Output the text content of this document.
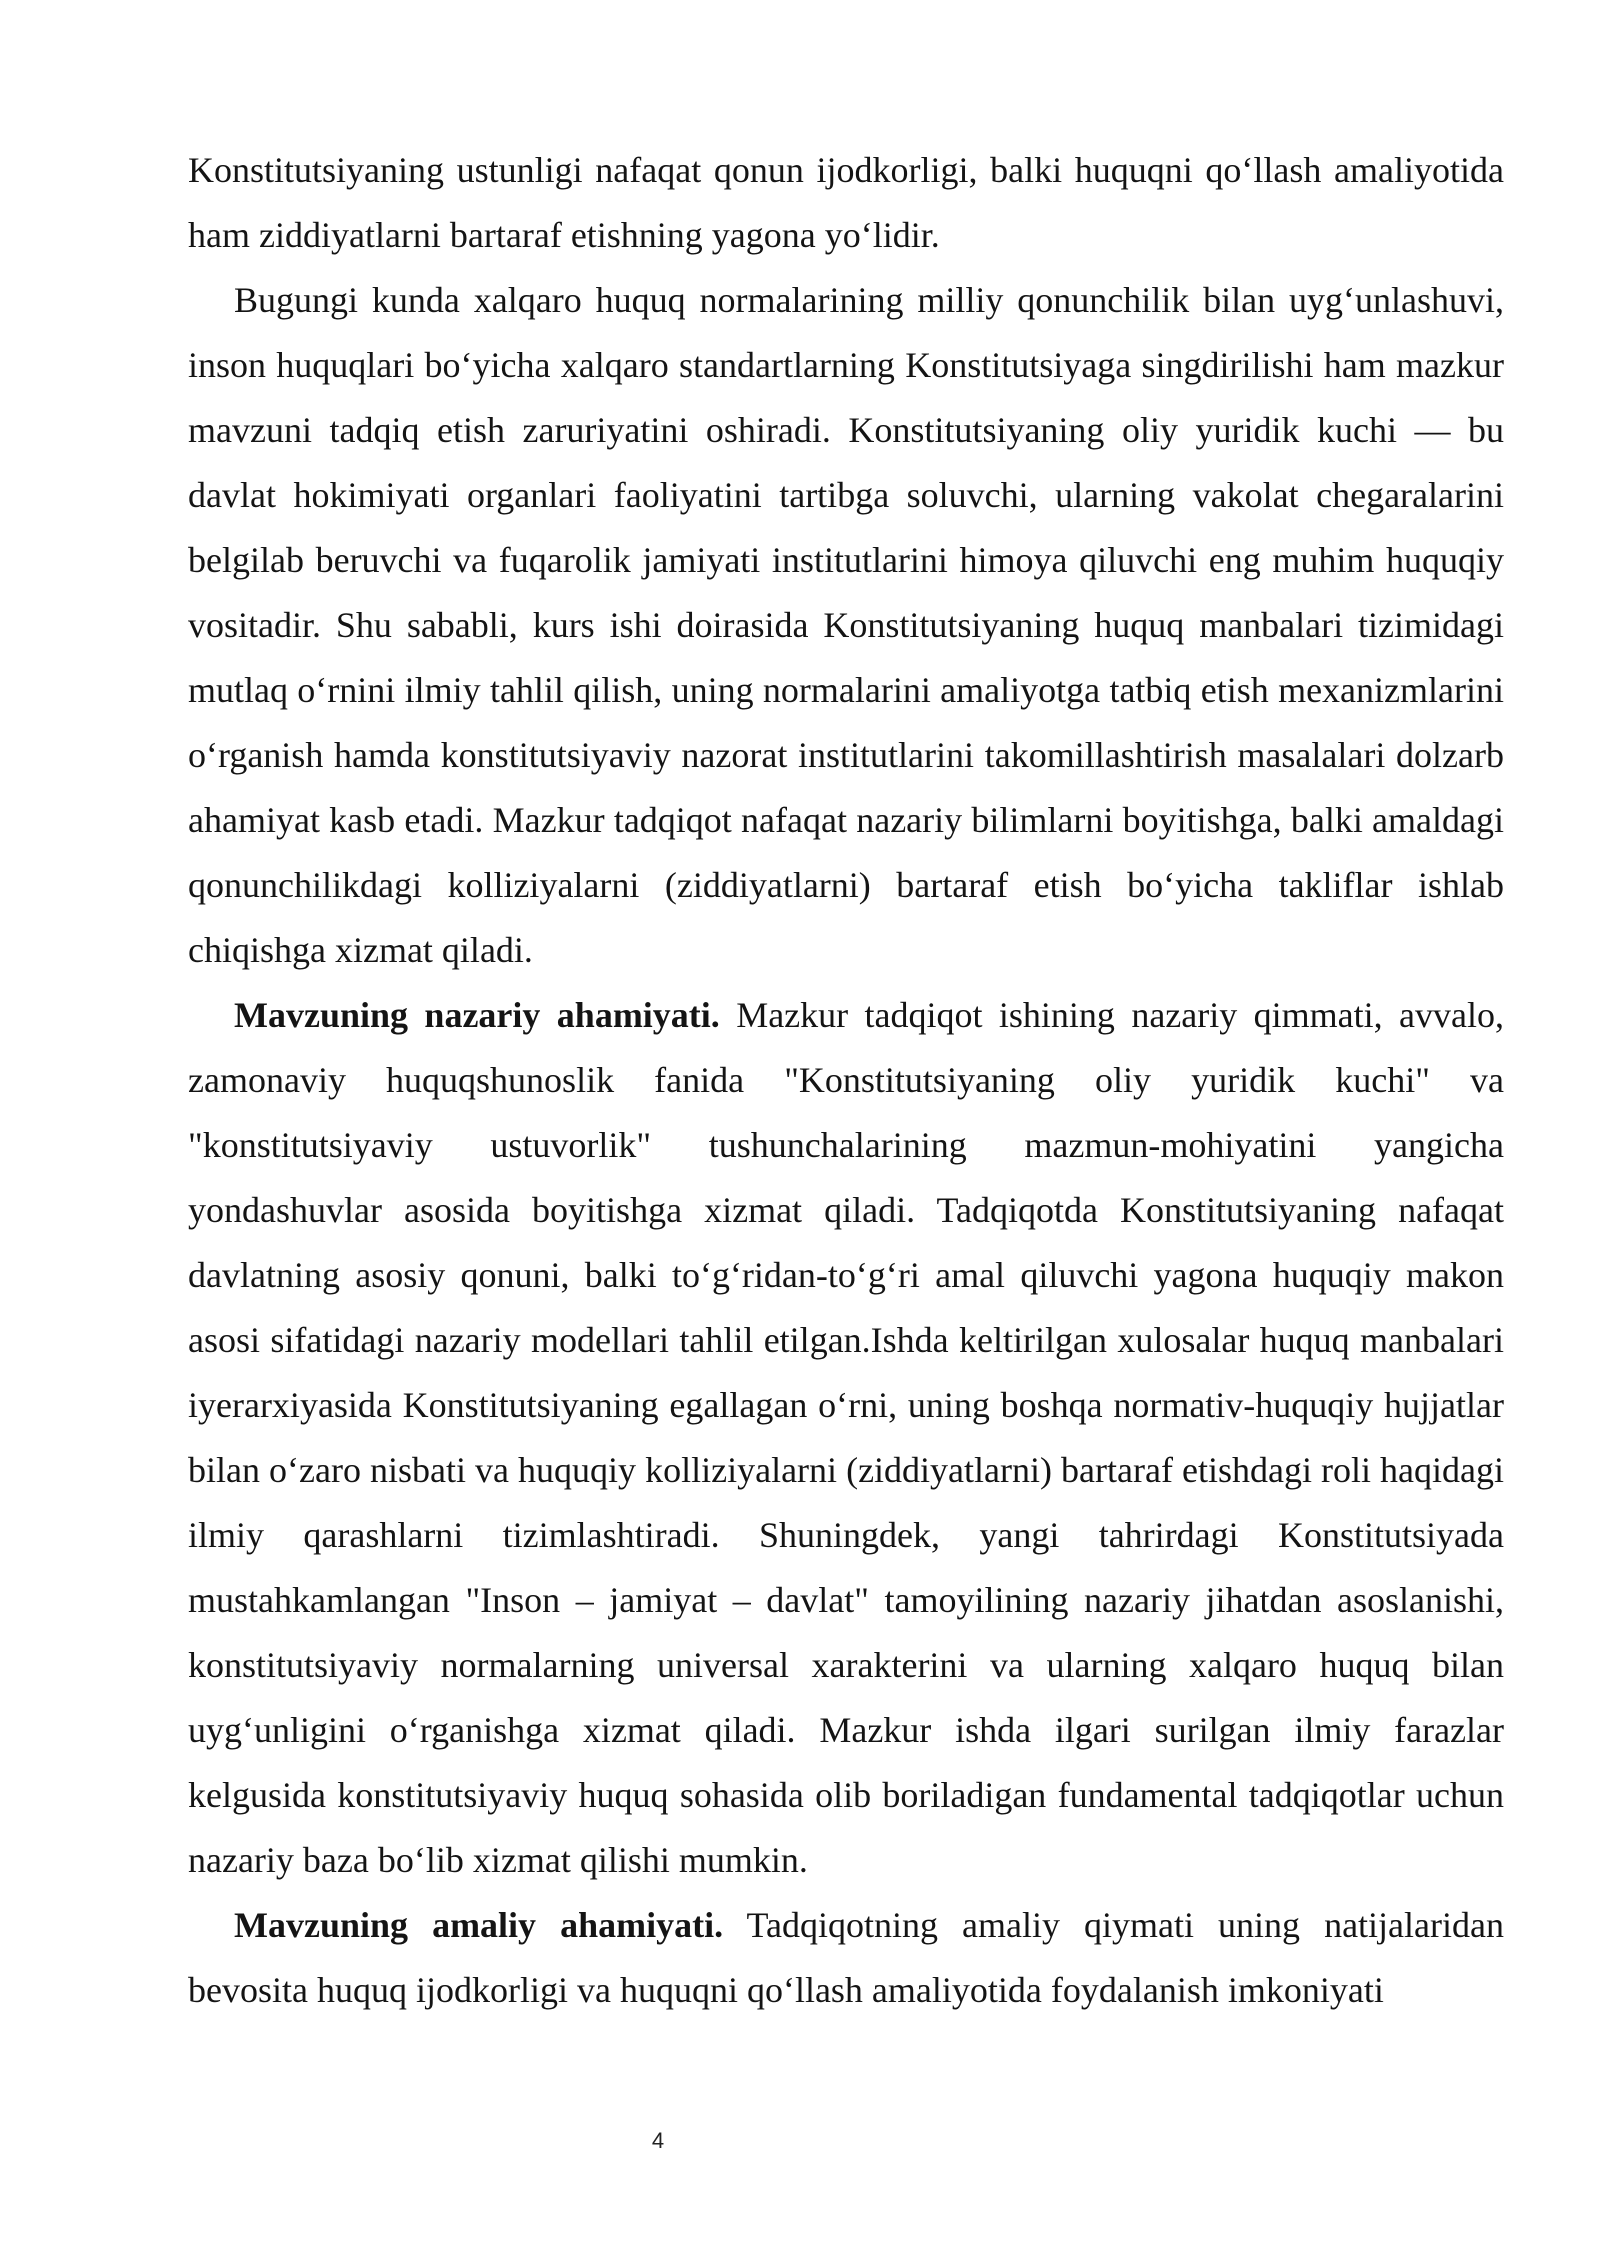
Konstitutsiyaning ustunligi nafaqat qonun ijodkorligi, balki huquqni qo‘llash amaliyotida ham ziddiyatlarni bartaraf etishning yagona yo‘lidir.

Bugungi kunda xalqaro huquq normalarining milliy qonunchilik bilan uyg‘unlashuvi, inson huquqlari bo‘yicha xalqaro standartlarning Konstitutsiyaga singdirilishi ham mazkur mavzuni tadqiq etish zaruriyatini oshiradi. Konstitutsiyaning oliy yuridik kuchi — bu davlat hokimiyati organlari faoliyatini tartibga soluvchi, ularning vakolat chegaralarini belgilab beruvchi va fuqarolik jamiyati institutlarini himoya qiluvchi eng muhim huquqiy vositadir. Shu sababli, kurs ishi doirasida Konstitutsiyaning huquq manbalari tizimidagi mutlaq o‘rnini ilmiy tahlil qilish, uning normalarini amaliyotga tatbiq etish mexanizmlarini o‘rganish hamda konstitutsiyaviy nazorat institutlarini takomillashtirish masalalari dolzarb ahamiyat kasb etadi. Mazkur tadqiqot nafaqat nazariy bilimlarni boyitishga, balki amaldagi qonunchilikdagi kolliziyalarni (ziddiyatlarni) bartaraf etish bo‘yicha takliflar ishlab chiqishga xizmat qiladi.

Mavzuning nazariy ahamiyati. Mazkur tadqiqot ishining nazariy qimmati, avvalo, zamonaviy huquqshunoslik fanida "Konstitutsiyaning oliy yuridik kuchi" va "konstitutsiyaviy ustuvorlik" tushunchalarining mazmun-mohiyatini yangicha yondashuvlar asosida boyitishga xizmat qiladi. Tadqiqotda Konstitutsiyaning nafaqat davlatning asosiy qonuni, balki to‘g‘ridan-to‘g‘ri amal qiluvchi yagona huquqiy makon asosi sifatidagi nazariy modellari tahlil etilgan.Ishda keltirilgan xulosalar huquq manbalari iyerarxiyasida Konstitutsiyaning egallagan o‘rni, uning boshqa normativ-huquqiy hujjatlar bilan o‘zaro nisbati va huquqiy kolliziyalarni (ziddiyatlarni) bartaraf etishdagi roli haqidagi ilmiy qarashlarni tizimlashtiradi. Shuningdek, yangi tahrirdagi Konstitutsiyada mustahkamlangan "Inson – jamiyat – davlat" tamoyilining nazariy jihatdan asoslanishi, konstitutsiyaviy normalarning universal xarakterini va ularning xalqaro huquq bilan uyg‘unligini o‘rganishga xizmat qiladi. Mazkur ishda ilgari surilgan ilmiy farazlar kelgusida konstitutsiyaviy huquq sohasida olib boriladigan fundamental tadqiqotlar uchun nazariy baza bo‘lib xizmat qilishi mumkin.

Mavzuning amaliy ahamiyati. Tadqiqotning amaliy qiymati uning natijalaridan bevosita huquq ijodkorligi va huquqni qo‘llash amaliyotida foydalanish imkoniyati

4
